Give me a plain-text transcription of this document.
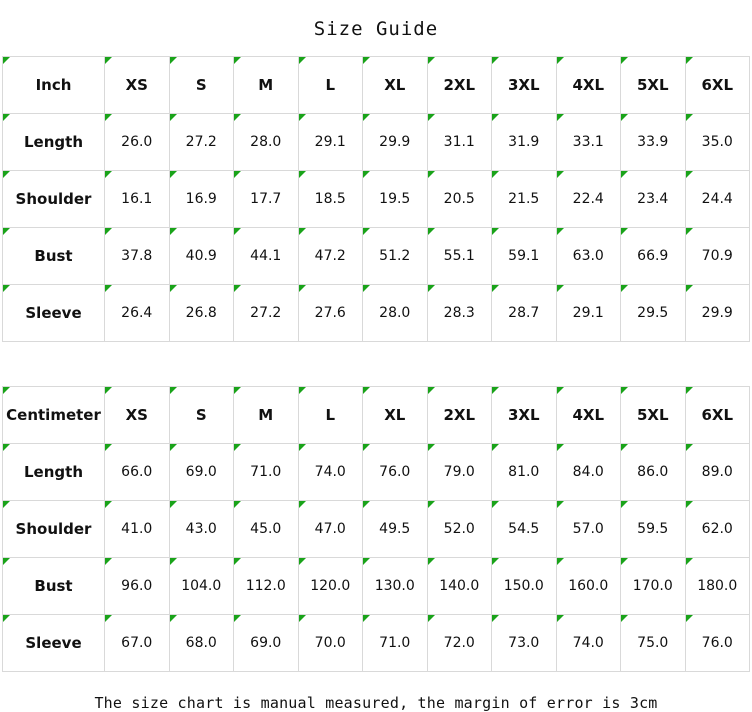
Size Guide
Inch	XS	S	M	L	XL	2XL	3XL	4XL	5XL	6XL
Length	26.0	27.2	28.0	29.1	29.9	31.1	31.9	33.1	33.9	35.0
Shoulder	16.1	16.9	17.7	18.5	19.5	20.5	21.5	22.4	23.4	24.4
Bust	37.8	40.9	44.1	47.2	51.2	55.1	59.1	63.0	66.9	70.9
Sleeve	26.4	26.8	27.2	27.6	28.0	28.3	28.7	29.1	29.5	29.9
Centimeter	XS	S	M	L	XL	2XL	3XL	4XL	5XL	6XL
Length	66.0	69.0	71.0	74.0	76.0	79.0	81.0	84.0	86.0	89.0
Shoulder	41.0	43.0	45.0	47.0	49.5	52.0	54.5	57.0	59.5	62.0
Bust	96.0	104.0	112.0	120.0	130.0	140.0	150.0	160.0	170.0	180.0
Sleeve	67.0	68.0	69.0	70.0	71.0	72.0	73.0	74.0	75.0	76.0
The size chart is manual measured, the margin of error is 3cm
